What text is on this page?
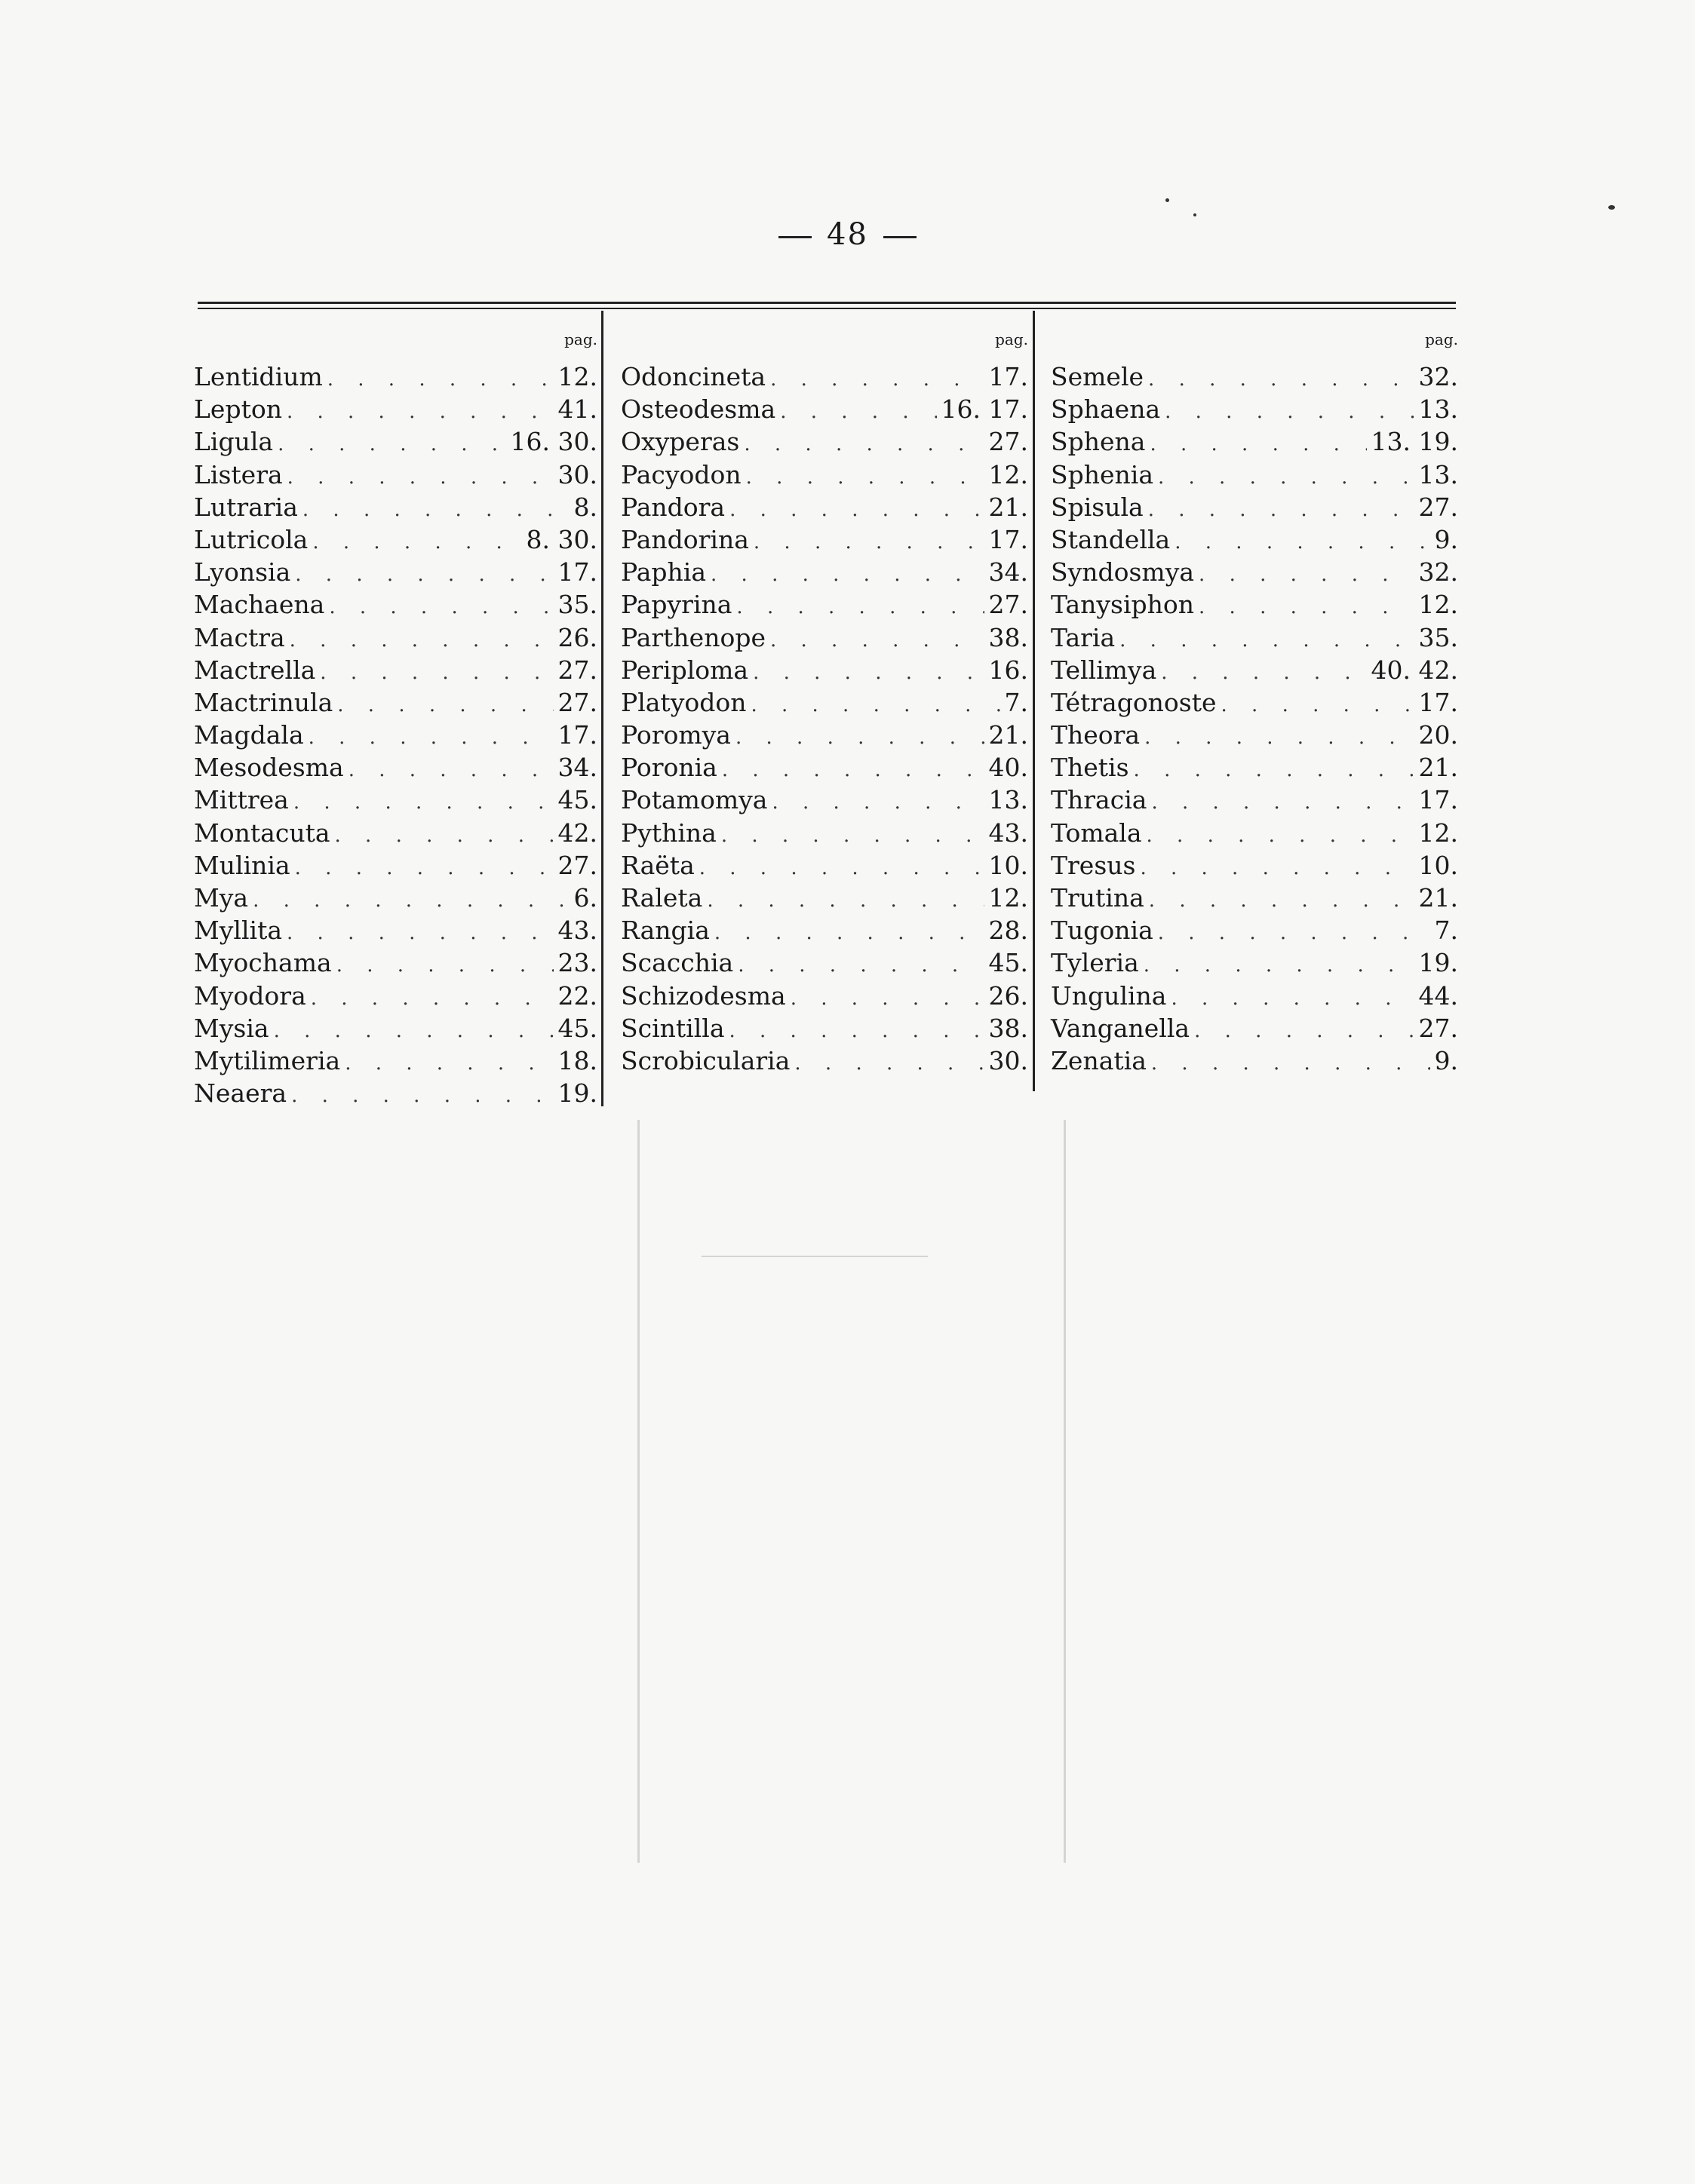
48
pag.
Lentidium . . .	12.
Lepton . . .	41.
Ligula . . .	16. 30.
Listera . . .	30.
Lutraria . . .	8.
Lutricola . . .	8. 30.
Lyonsia . . .	17.
Machaena . . .	35.
Mactra . . .	26.
Mactrella . . .	27.
Mactrinula . . .	27.
Magdala . . .	17.
Mesodesma . . .	34.
Mittrea . . .	45.
Montacuta . . .	42.
Mulinia . . .	27.
Mya . . .	6.
Myllita . . .	43.
Myochama . . .	23.
Myodora . . .	22.
Mysia . . .	45.
Mytilimeria . . .	18.
Neaera . . .	19.
pag.
Odoncineta . . .	17.
Osteodesma . . .	16. 17.
Oxyperas . . .	27.
Pacyodon . . .	12.
Pandora . . .	21.
Pandorina . . .	17.
Paphia . . .	34.
Papyrina . . .	27.
Parthenope . . .	38.
Periploma . . .	16.
Platyodon . . .	7.
Poromya . . .	21.
Poronia . . .	40.
Potamomya . . .	13.
Pythina . . .	43.
Raëta . . .	10.
Raleta . . .	12.
Rangia . . .	28.
Scacchia . . .	45.
Schizodesma . . .	26.
Scintilla . . .	38.
Scrobicularia . . .	30.
pag.
Semele . . .	32.
Sphaena . . .	13.
Sphena . . .	13. 19.
Sphenia . . .	13.
Spisula . . .	27.
Standella . . .	9.
Syndosmya . . .	32.
Tanysiphon . . .	12.
Taria . . .	35.
Tellimya . . .	40. 42.
Tétragonoste . . .	17.
Theora . . .	20.
Thetis . . .	21.
Thracia . . .	17.
Tomala . . .	12.
Tresus . . .	10.
Trutina . . .	21.
Tugonia . . .	7.
Tyleria . . .	19.
Ungulina . . .	44.
Vanganella . . .	27.
Zenatia . . .	9.
